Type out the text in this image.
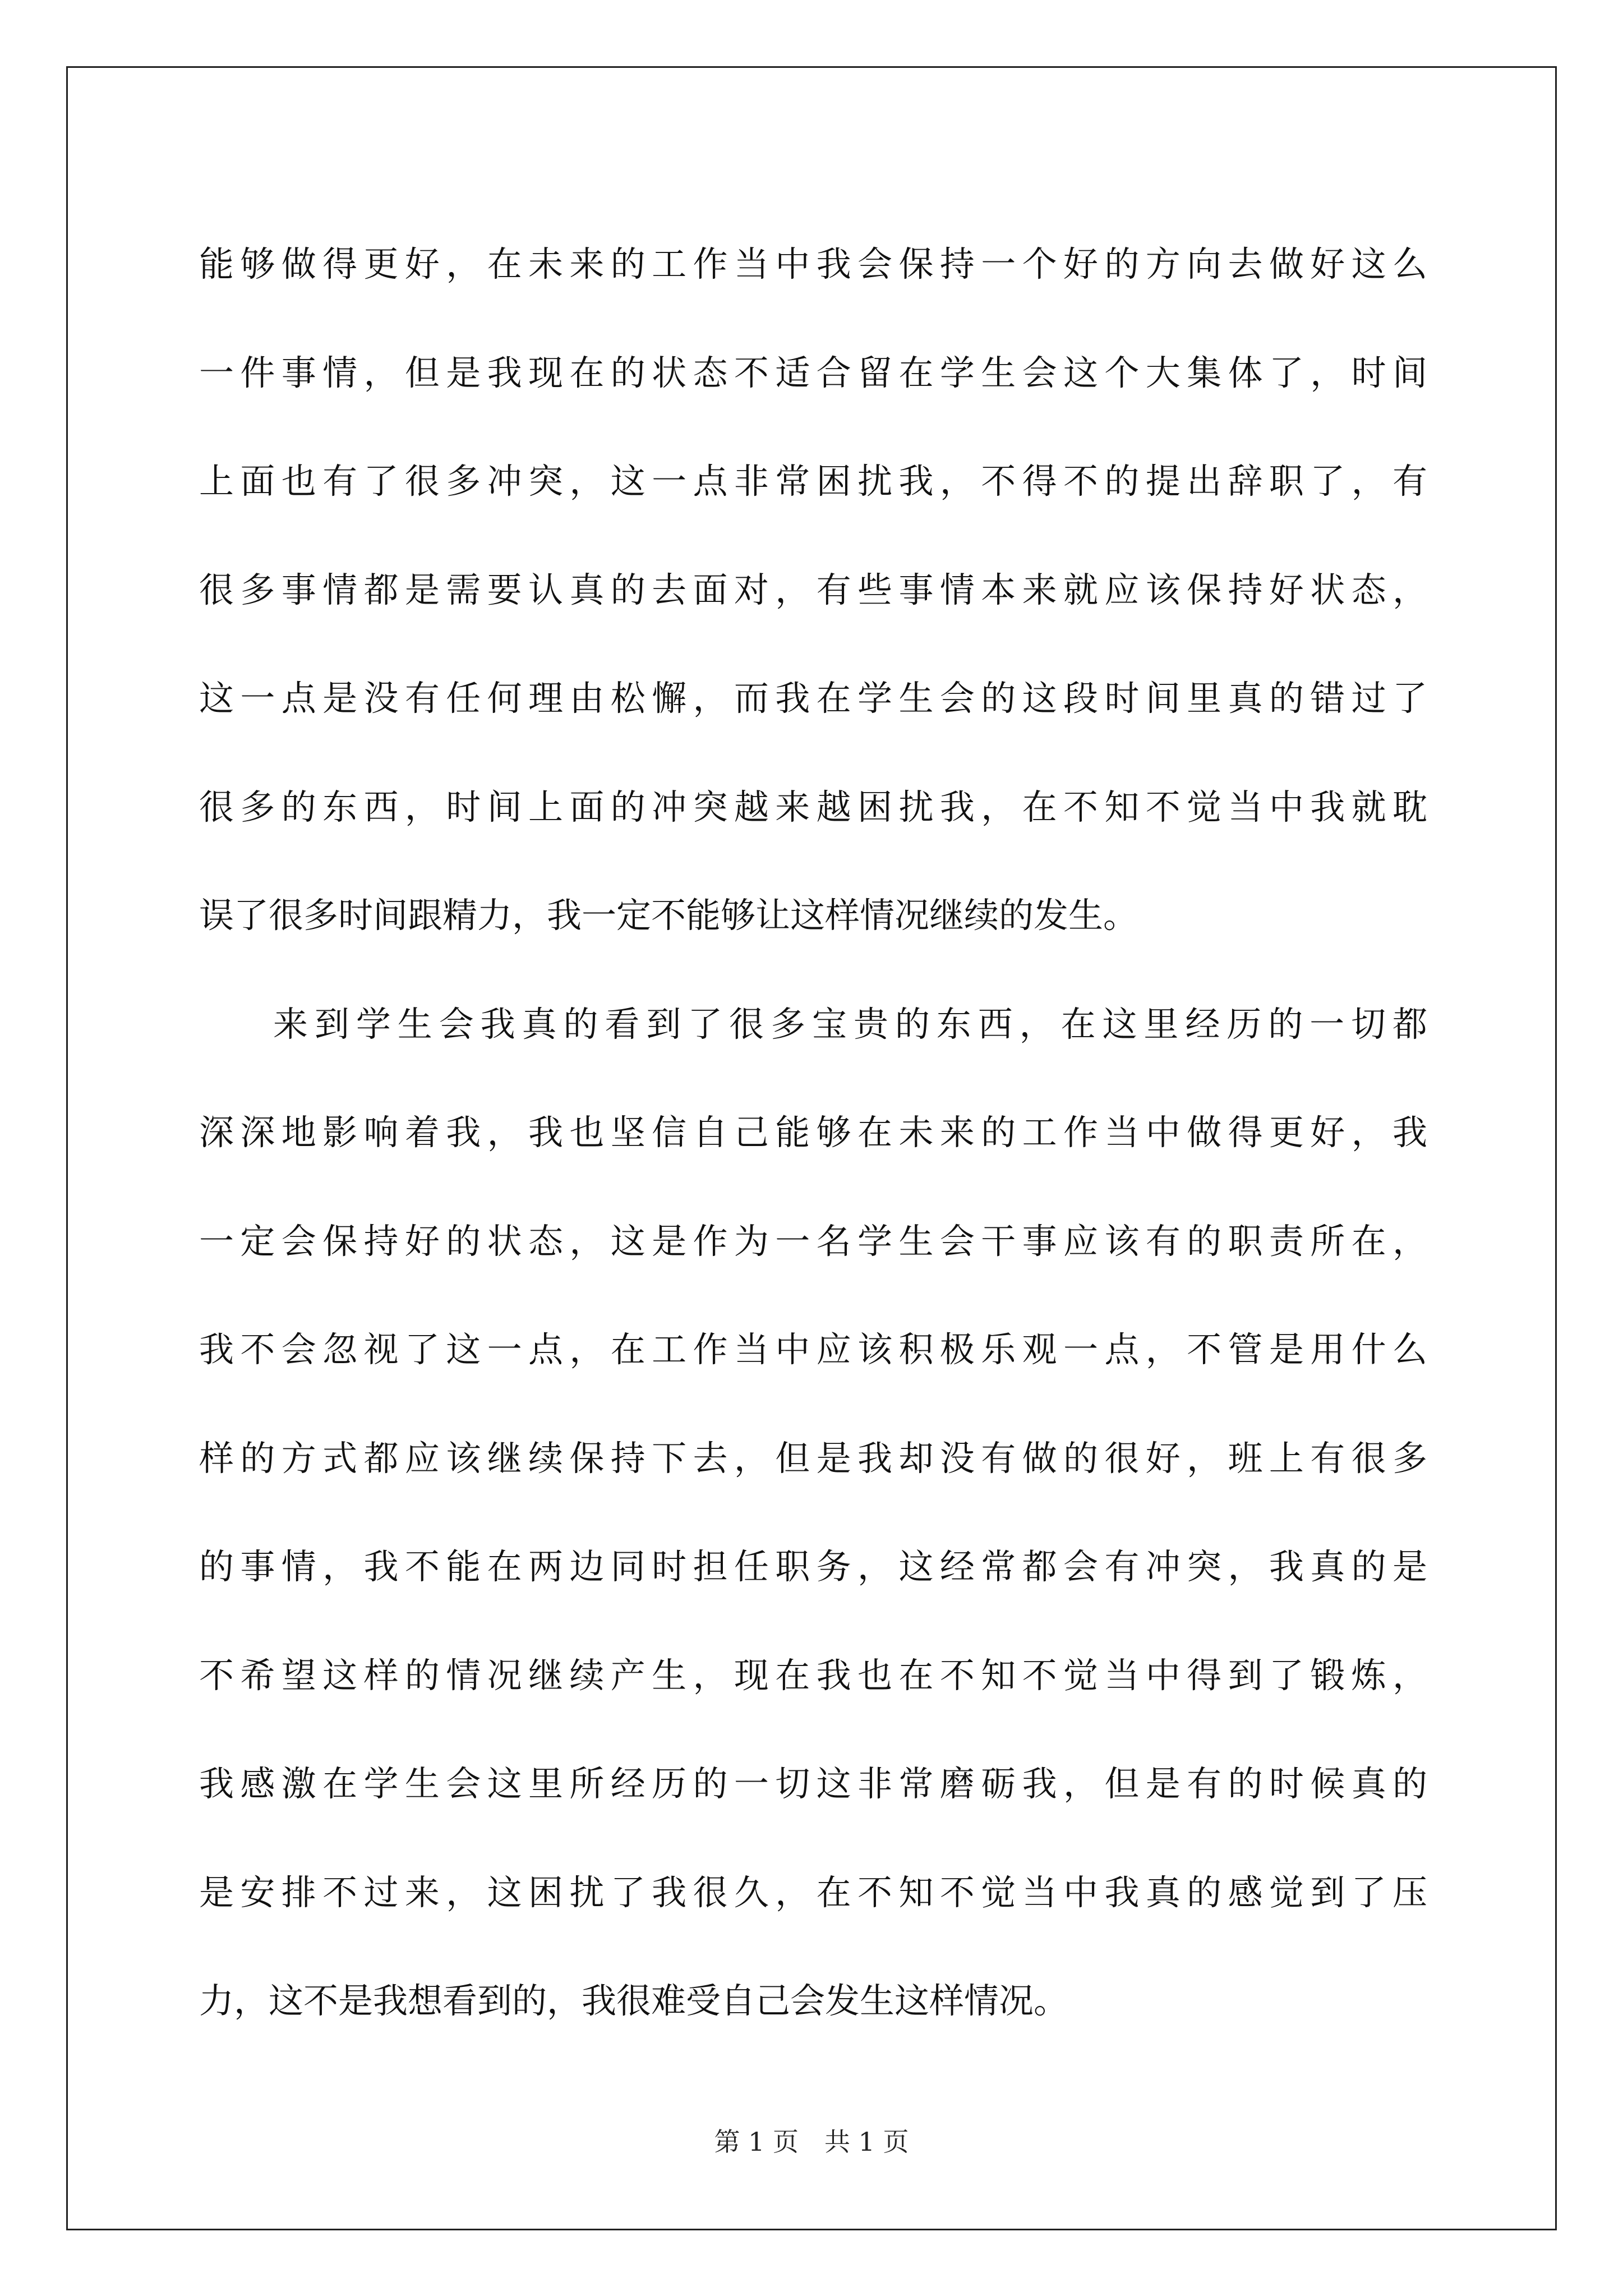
能够做得更好，在未来的工作当中我会保持一个好的方向去做好这么
一件事情，但是我现在的状态不适合留在学生会这个大集体了，时间
上面也有了很多冲突，这一点非常困扰我，不得不的提出辞职了，有
很多事情都是需要认真的去面对，有些事情本来就应该保持好状态，
这一点是没有任何理由松懈，而我在学生会的这段时间里真的错过了
很多的东西，时间上面的冲突越来越困扰我，在不知不觉当中我就耽
误了很多时间跟精力，我一定不能够让这样情况继续的发生。
来到学生会我真的看到了很多宝贵的东西，在这里经历的一切都
深深地影响着我，我也坚信自己能够在未来的工作当中做得更好，我
一定会保持好的状态，这是作为一名学生会干事应该有的职责所在，
我不会忽视了这一点，在工作当中应该积极乐观一点，不管是用什么
样的方式都应该继续保持下去，但是我却没有做的很好，班上有很多
的事情，我不能在两边同时担任职务，这经常都会有冲突，我真的是
不希望这样的情况继续产生，现在我也在不知不觉当中得到了锻炼，
我感激在学生会这里所经历的一切这非常磨砺我，但是有的时候真的
是安排不过来，这困扰了我很久，在不知不觉当中我真的感觉到了压
力，这不是我想看到的，我很难受自己会发生这样情况。
第 1 页　共 1 页
